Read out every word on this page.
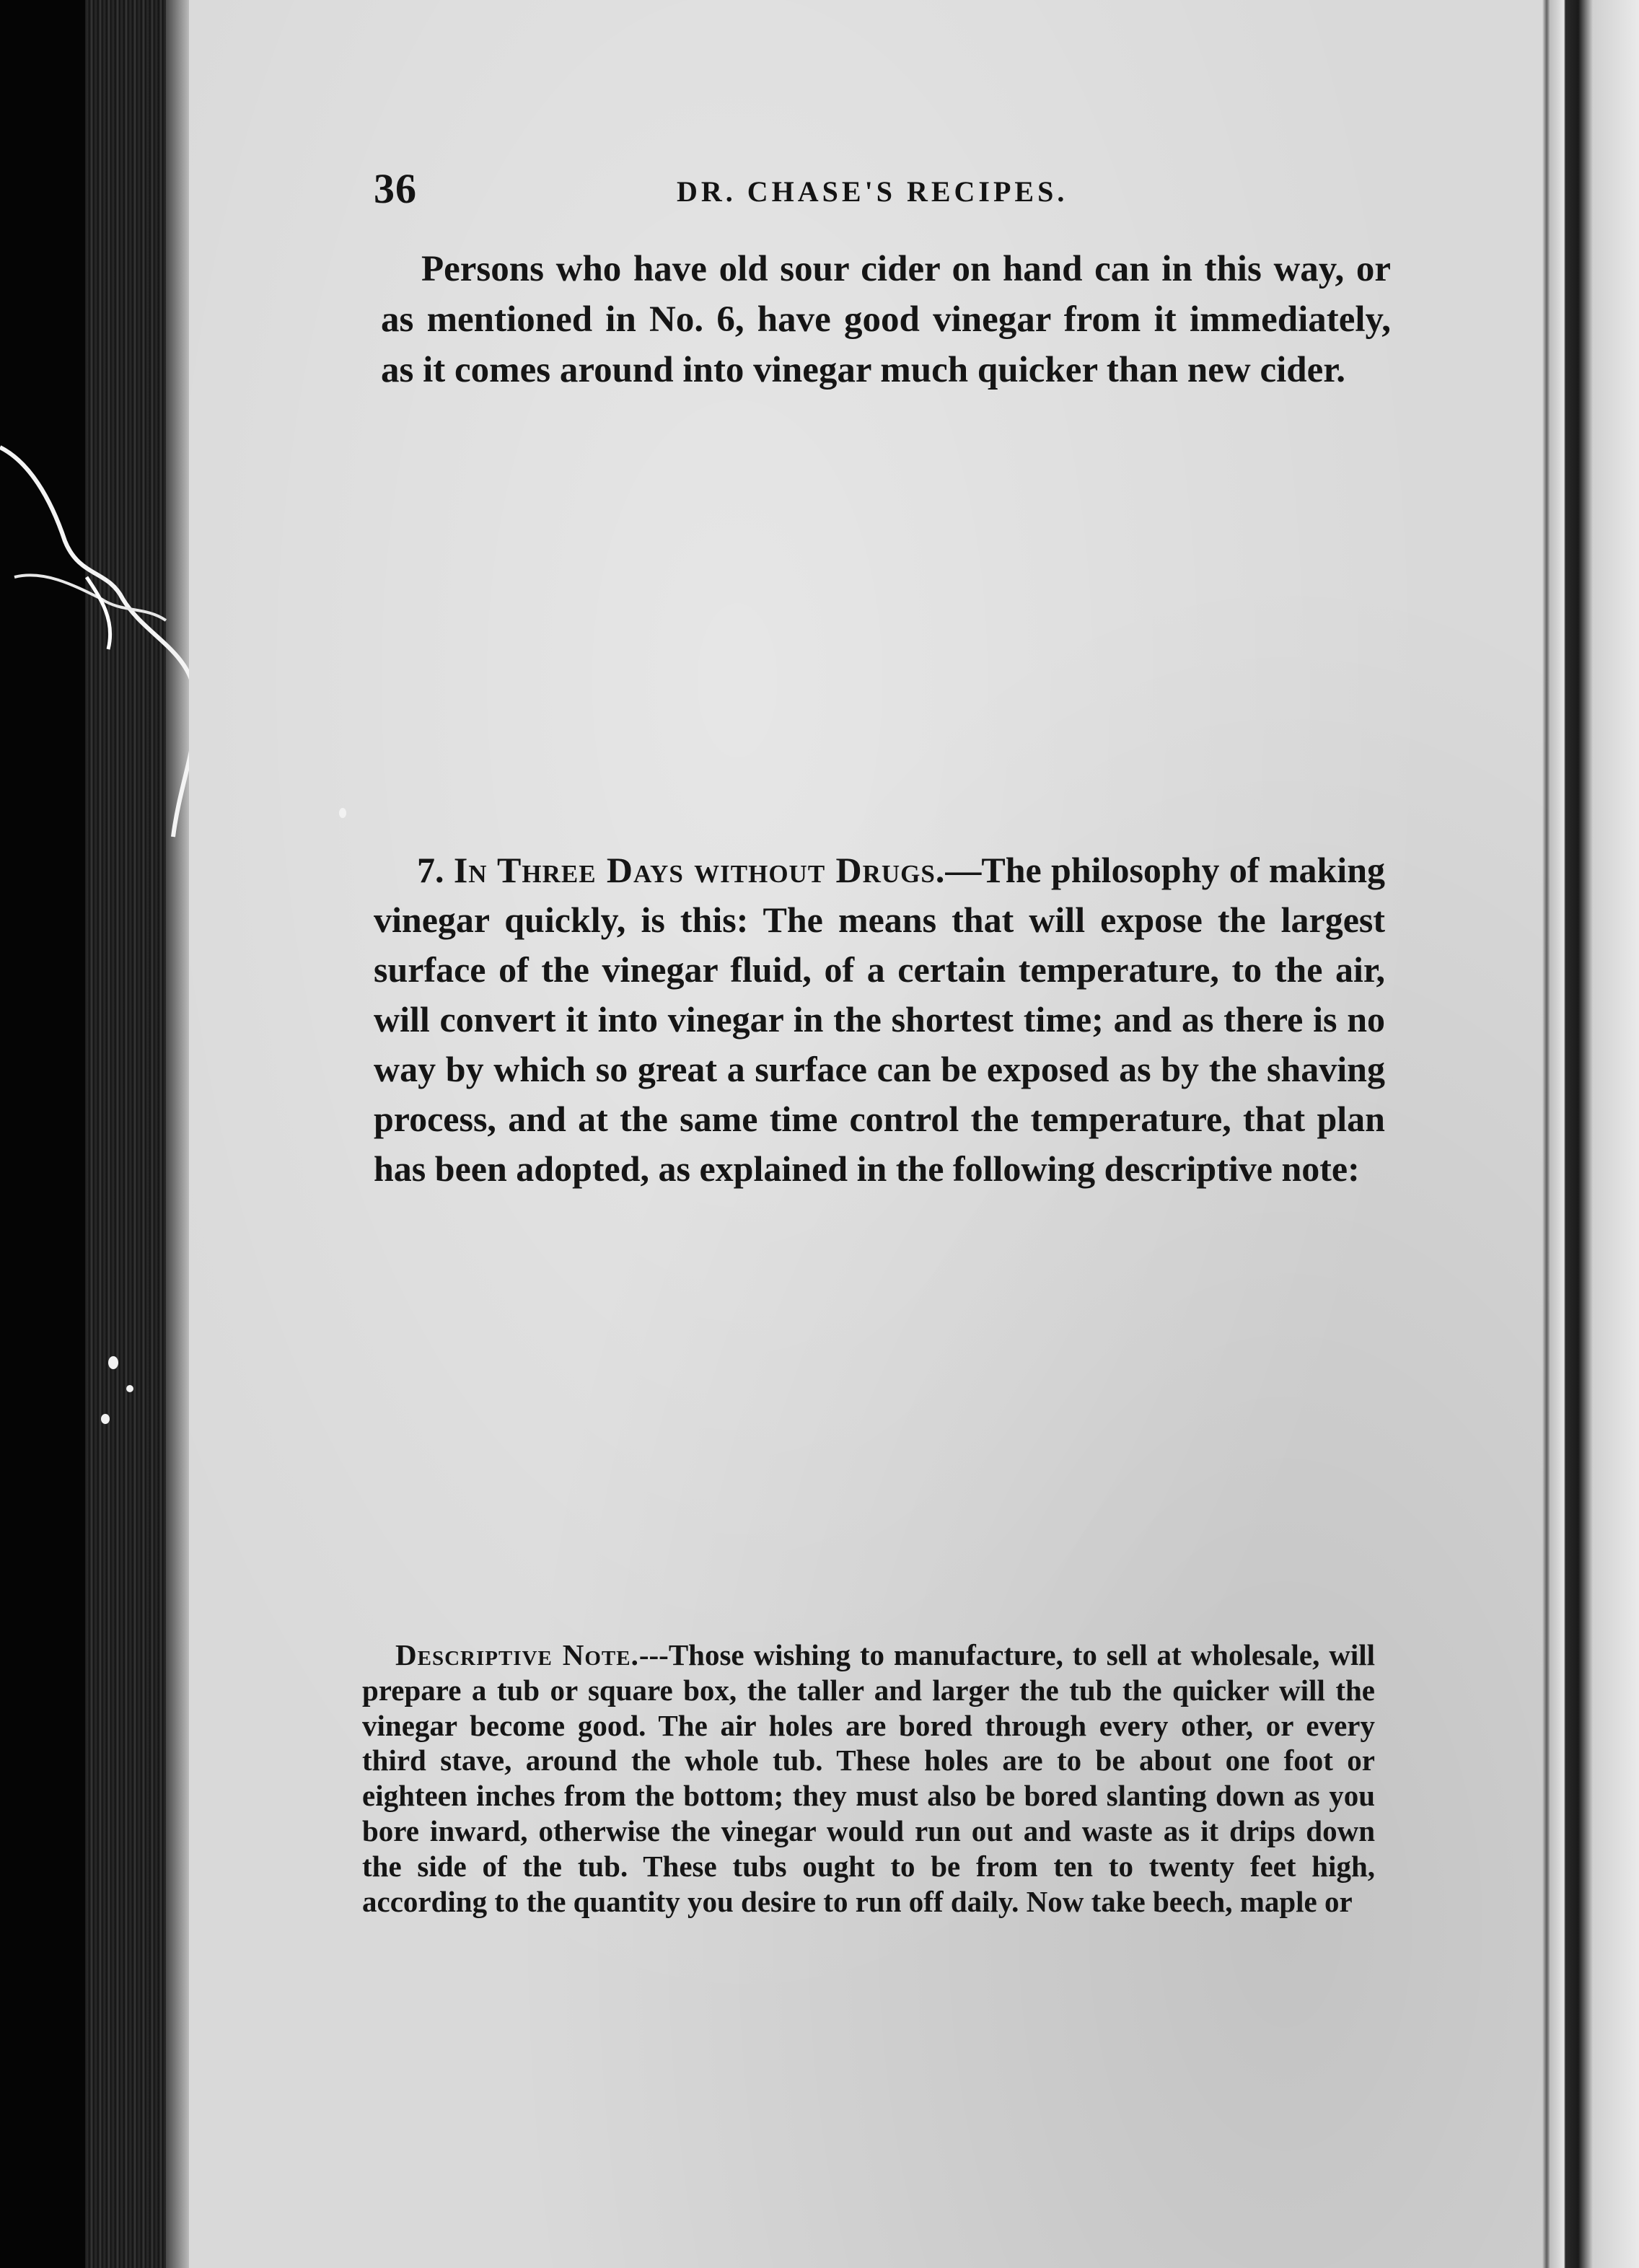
36	DR. CHASE'S RECIPES.

Persons who have old sour cider on hand can in this way, or as mentioned in No. 6, have good vinegar from it immediately, as it comes around into vinegar much quicker than new cider.

7. In Three Days without Drugs.—The philosophy of making vinegar quickly, is this: The means that will expose the largest surface of the vinegar fluid, of a certain temperature, to the air, will convert it into vinegar in the shortest time; and as there is no way by which so great a surface can be exposed as by the shaving process, and at the same time control the temperature, that plan has been adopted, as explained in the following descriptive note:

Descriptive Note.---Those wishing to manufacture, to sell at wholesale, will prepare a tub or square box, the taller and larger the tub the quicker will the vinegar become good. The air holes are bored through every other, or every third stave, around the whole tub. These holes are to be about one foot or eighteen inches from the bottom; they must also be bored slanting down as you bore inward, otherwise the vinegar would run out and waste as it drips down the side of the tub. These tubs ought to be from ten to twenty feet high, according to the quantity you desire to run off daily. Now take beech, maple or
